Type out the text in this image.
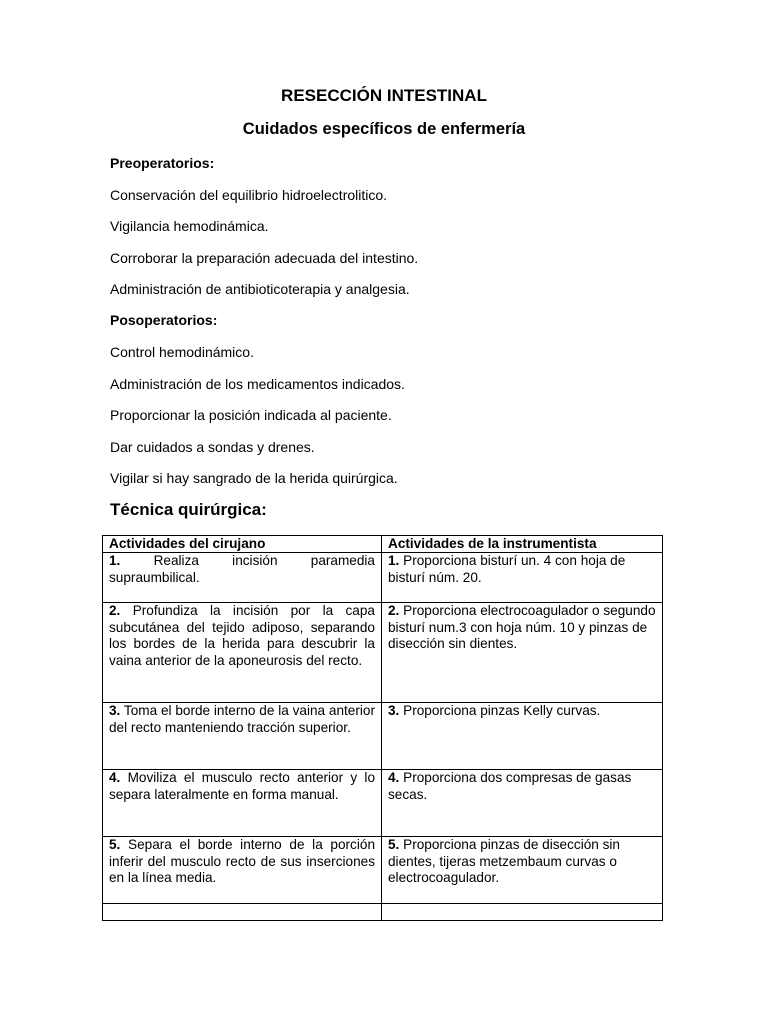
RESECCIÓN INTESTINAL
Cuidados específicos de enfermería
Preoperatorios:
Conservación del equilibrio hidroelectrolitico.
Vigilancia hemodinámica.
Corroborar la preparación adecuada del intestino.
Administración de antibioticoterapia y analgesia.
Posoperatorios:
Control hemodinámico.
Administración de los medicamentos indicados.
Proporcionar la posición indicada al paciente.
Dar cuidados a sondas y drenes.
Vigilar si hay sangrado de la herida quirúrgica.
Técnica quirúrgica:
Actividades del cirujano	Actividades de la instrumentista
1. Realiza incisión paramedia supraumbilical.	1. Proporciona bisturí un. 4 con hoja de bisturí núm. 20.
2. Profundiza la incisión por la capa subcutánea del tejido adiposo, separando los bordes de la herida para descubrir la vaina anterior de la aponeurosis del recto.	2. Proporciona electrocoagulador o segundo bisturí num.3 con hoja núm. 10 y pinzas de disección sin dientes.
3. Toma el borde interno de la vaina anterior del recto manteniendo tracción superior.	3. Proporciona pinzas Kelly curvas.
4. Moviliza el musculo recto anterior y lo separa lateralmente en forma manual.	4. Proporciona dos compresas de gasas secas.
5. Separa el borde interno de la porción inferir del musculo recto de sus inserciones en la línea media.	5. Proporciona pinzas de disección sin dientes, tijeras metzembaum curvas o electrocoagulador.
